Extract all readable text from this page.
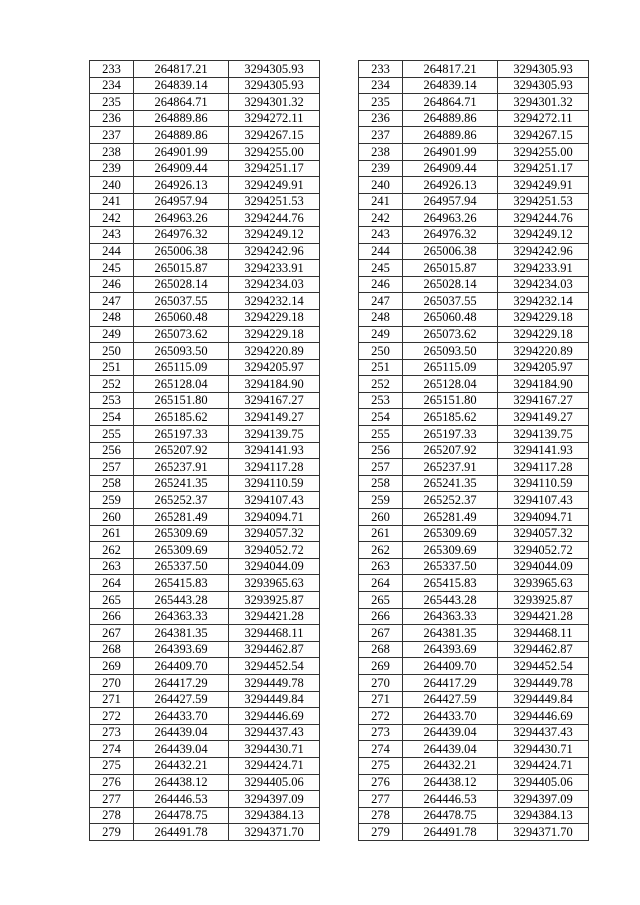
233	264817.21	3294305.93
234	264839.14	3294305.93
235	264864.71	3294301.32
236	264889.86	3294272.11
237	264889.86	3294267.15
238	264901.99	3294255.00
239	264909.44	3294251.17
240	264926.13	3294249.91
241	264957.94	3294251.53
242	264963.26	3294244.76
243	264976.32	3294249.12
244	265006.38	3294242.96
245	265015.87	3294233.91
246	265028.14	3294234.03
247	265037.55	3294232.14
248	265060.48	3294229.18
249	265073.62	3294229.18
250	265093.50	3294220.89
251	265115.09	3294205.97
252	265128.04	3294184.90
253	265151.80	3294167.27
254	265185.62	3294149.27
255	265197.33	3294139.75
256	265207.92	3294141.93
257	265237.91	3294117.28
258	265241.35	3294110.59
259	265252.37	3294107.43
260	265281.49	3294094.71
261	265309.69	3294057.32
262	265309.69	3294052.72
263	265337.50	3294044.09
264	265415.83	3293965.63
265	265443.28	3293925.87
266	264363.33	3294421.28
267	264381.35	3294468.11
268	264393.69	3294462.87
269	264409.70	3294452.54
270	264417.29	3294449.78
271	264427.59	3294449.84
272	264433.70	3294446.69
273	264439.04	3294437.43
274	264439.04	3294430.71
275	264432.21	3294424.71
276	264438.12	3294405.06
277	264446.53	3294397.09
278	264478.75	3294384.13
279	264491.78	3294371.70
233	264817.21	3294305.93
234	264839.14	3294305.93
235	264864.71	3294301.32
236	264889.86	3294272.11
237	264889.86	3294267.15
238	264901.99	3294255.00
239	264909.44	3294251.17
240	264926.13	3294249.91
241	264957.94	3294251.53
242	264963.26	3294244.76
243	264976.32	3294249.12
244	265006.38	3294242.96
245	265015.87	3294233.91
246	265028.14	3294234.03
247	265037.55	3294232.14
248	265060.48	3294229.18
249	265073.62	3294229.18
250	265093.50	3294220.89
251	265115.09	3294205.97
252	265128.04	3294184.90
253	265151.80	3294167.27
254	265185.62	3294149.27
255	265197.33	3294139.75
256	265207.92	3294141.93
257	265237.91	3294117.28
258	265241.35	3294110.59
259	265252.37	3294107.43
260	265281.49	3294094.71
261	265309.69	3294057.32
262	265309.69	3294052.72
263	265337.50	3294044.09
264	265415.83	3293965.63
265	265443.28	3293925.87
266	264363.33	3294421.28
267	264381.35	3294468.11
268	264393.69	3294462.87
269	264409.70	3294452.54
270	264417.29	3294449.78
271	264427.59	3294449.84
272	264433.70	3294446.69
273	264439.04	3294437.43
274	264439.04	3294430.71
275	264432.21	3294424.71
276	264438.12	3294405.06
277	264446.53	3294397.09
278	264478.75	3294384.13
279	264491.78	3294371.70
